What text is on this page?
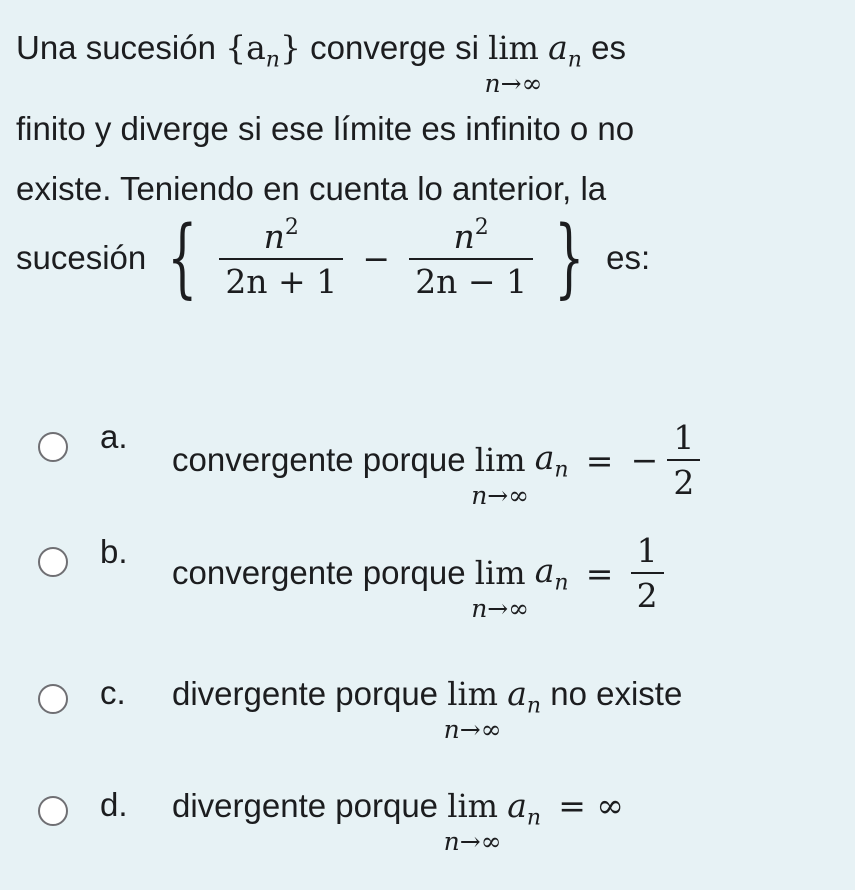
Una sucesión $\{a_n\}$ converge si lim
n→∞
$a_n$ es
finito y diverge si ese límite es infinito o no
existe. Teniendo en cuenta lo anterior, la
sucesión { $\frac{n^2}{2n + 1} - \frac{n^2}{2n - 1}$ } es:
a.
convergente porque lim
n→∞
$a_n$ = − $\frac{1}{2}$
b.
convergente porque lim
n→∞
$a_n = \frac{1}{2}$
c. divergente porque lim
n→∞
$a_n$ no existe
d. divergente porque lim
n→∞
$a_n$ = ∞
